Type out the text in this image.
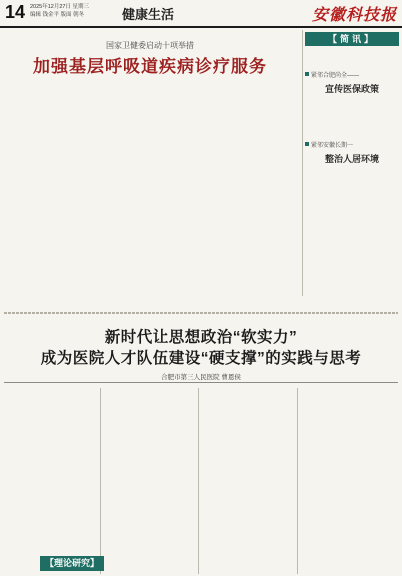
14 2025年12月27日 星期三
编辑 钱金平 版面 朝冬	健康生活	安徽科技报
国家卫健委启动十项举措
加强基层呼吸道疾病诊疗服务
【简讯】
紧邻合肥尚全——
宣传医保政策
紧邻安徽长期一
整治人居环境
新时代让思想政治“软实力”
成为医院人才队伍建设“硬支撑”的实践与思考
合肥市第三人民医院 曹恩侯
【理论研究】
